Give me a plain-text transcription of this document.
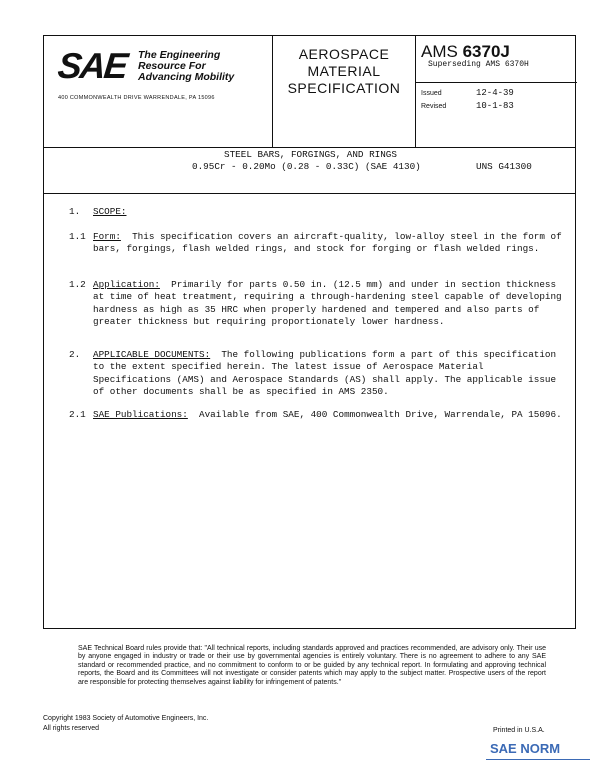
SAE The Engineering
Resource For
Advancing Mobility
400 COMMONWEALTH DRIVE WARRENDALE, PA 15096
AEROSPACE
MATERIAL
SPECIFICATION
AMS 6370J
Superseding AMS 6370H
Issued	12-4-39
Revised	10-1-83
STEEL BARS, FORGINGS, AND RINGS
0.95Cr - 0.20Mo (0.28 - 0.33C) (SAE 4130)	UNS G41300
1. SCOPE:
1.1 Form: This specification covers an aircraft-quality, low-alloy steel in the form of bars, forgings, flash welded rings, and stock for forging or flash welded rings.
1.2 Application: Primarily for parts 0.50 in. (12.5 mm) and under in section thickness at time of heat treatment, requiring a through-hardening steel capable of developing hardness as high as 35 HRC when properly hardened and tempered and also parts of greater thickness but requiring proportionately lower hardness.
2. APPLICABLE DOCUMENTS: The following publications form a part of this specification to the extent specified herein. The latest issue of Aerospace Material Specifications (AMS) and Aerospace Standards (AS) shall apply. The applicable issue of other documents shall be as specified in AMS 2350.
2.1 SAE Publications: Available from SAE, 400 Commonwealth Drive, Warrendale, PA 15096.
SAE Technical Board rules provide that: "All technical reports, including standards approved and practices recommended, are advisory only. Their use by anyone engaged in industry or trade or their use by governmental agencies is entirely voluntary. There is no agreement to adhere to any SAE standard or recommended practice, and no commitment to conform to or be guided by any technical report. In formulating and approving technical reports, the Board and its Committees will not investigate or consider patents which may apply to the subject matter. Prospective users of the report are responsible for protecting themselves against liability for infringement of patents."
Copyright 1983 Society of Automotive Engineers, Inc.
All rights reserved	Printed in U.S.A.
SAE NORM
